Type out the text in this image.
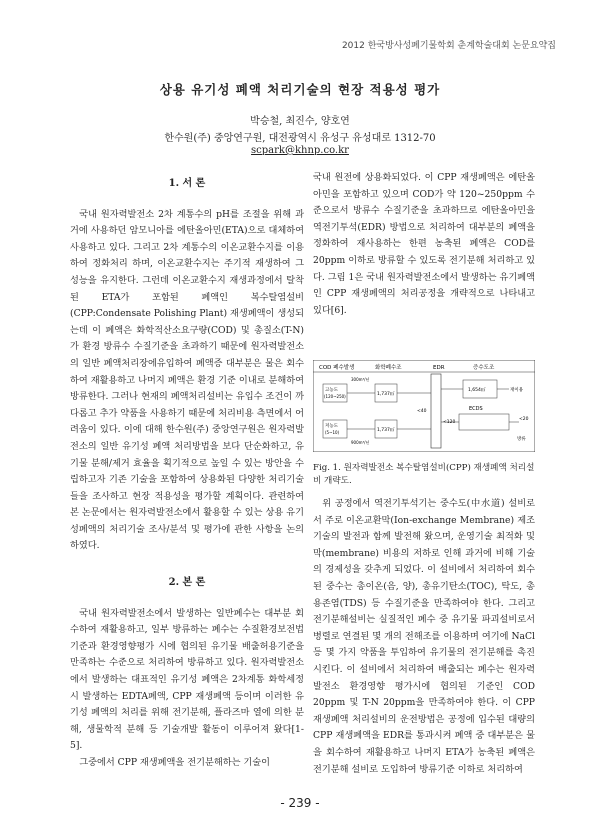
2012 한국방사성폐기물학회 춘계학술대회 논문요약집
상용 유기성 폐액 처리기술의 현장 적용성 평가
박승철, 최진수, 양호연
한수원(주) 중앙연구원, 대전광역시 유성구 유성대로 1312-70
scpark@khnp.co.kr
1. 서 론

국내 원자력발전소 2차 계통수의 pH를 조절을 위해 과거에 사용하던 암모니아를 에탄올아민(ETA)으로 대체하여 사용하고 있다. 그리고 2차 계통수의 이온교환수지를 이용하여 정화처리 하며, 이온교환수지는 주기적 재생하여 그 성능을 유지한다. 그런데 이온교환수지 재생과정에서 탈착된 ETA가 포함된 폐액인 복수탈염설비(CPP:Condensate Polishing Plant) 재생폐액이 생성되는데 이 폐액은 화학적산소요구량(COD) 및 총질소(T-N)가 환경 방류수 수질기준을 초과하기 때문에 원자력발전소의 일반 폐액처리장에유입하여 폐액증 대부분은 물은 회수하여 재활용하고 나머지 폐액은 환경 기준 이내로 분해하여 방류한다. 그러나 현재의 폐액처리설비는 유입수 조건이 까다롭고 추가 약품을 사용하기 때문에 처리비용 측면에서 어려움이 있다. 이에 대해 한수원(주) 중앙연구원은 원자력발전소의 일반 유기성 폐액 처리방법을 보다 단순화하고, 유기물 분해/제거 효율을 획기적으로 높일 수 있는 방안을 수립하고자 기존 기술을 포함하여 상용화된 다양한 처리기술들을 조사하고 현장 적용성을 평가할 계획이다. 관련하여 본 논문에서는 원자력발전소에서 활용할 수 있는 상용 유기성폐액의 처리기술 조사/분석 및 평가에 관한 사항을 논의하였다.

2. 본 론

국내 원자력발전소에서 발생하는 일반폐수는 대부분 회수하여 재활용하고, 일부 방류하는 폐수는 수질환경보전법 기준과 환경영향평가 시에 협의된 유기물 배출허용기준을 만족하는 수준으로 처리하여 방류하고 있다. 원자력발전소에서 발생하는 대표적인 유기성 폐액은 2차계통 화학세정시 발생하는 EDTA폐액, CPP 재생폐액 등이며 이러한 유기성 폐액의 처리를 위해 전기분해, 플라즈마 열에 의한 분해, 생물학적 분해 등 기술개발 활동이 이루어져 왔다[1-5].

그중에서 CPP 재생폐액을 전기분해하는 기술이

국내 원전에 상용화되었다. 이 CPP 재생폐액은 에탄올아민을 포함하고 있으며 COD가 약 120~250ppm 수준으로서 방류수 수질기준을 초과하므로 에탄올아민을 역전기투석(EDR) 방법으로 처리하여 대부분의 폐액을 정화하여 재사용하는 한편 농축된 폐액은 COD를 20ppm 이하로 방류할 수 있도록 전기분해 처리하고 있다. 그림 1은 국내 원자력발전소에서 발생하는 유기폐액인 CPP 재생폐액의 처리공정을 개략적으로 나타내고 있다[6].

COD 폐수발생	화학폐수조	EDR	증수도조
고농도
(120~250)
저농도
(5~10)
300m³/년
900m³/년
1,737㎥
1,737㎥
<40
<120
1,654㎥	재이용
ECDS
<20
방류
Fig. 1. 원자력발전소 복수탈염설비(CPP) 재생폐액 처리설비 개략도.

위 공정에서 역전기투석기는 중수도(中水道) 설비로서 주로 이온교환막(Ion-exchange Membrane) 제조기술의 발전과 함께 발전해 왔으며, 운영기술 최적화 및 막(membrane) 비용의 저하로 인해 과거에 비해 기술의 경제성을 갖추게 되었다. 이 설비에서 처리하여 회수된 중수는 총이온(음, 양), 총유기탄소(TOC), 탁도, 총용존염(TDS) 등 수질기준을 만족하여야 한다. 그리고 전기분해설비는 실질적인 폐수 중 유기물 파괴설비로서 병렬로 연결된 몇 개의 전해조를 이용하며 여기에 NaCl 등 몇 가지 약품을 투입하여 유기물의 전기분해를 촉진시킨다. 이 설비에서 처리하여 배출되는 폐수는 원자력발전소 환경영향 평가시에 협의된 기준인 COD 20ppm 및 T-N 20ppm을 만족하여야 한다. 이 CPP 재생폐액 처리설비의 운전방법은 공정에 입수된 대량의 CPP 재생폐액을 EDR를 통과시켜 폐액 중 대부분은 물을 회수하여 재활용하고 나머지 ETA가 농축된 폐액은 전기분해 설비로 도입하여 방류기준 이하로 처리하여

- 239 -
